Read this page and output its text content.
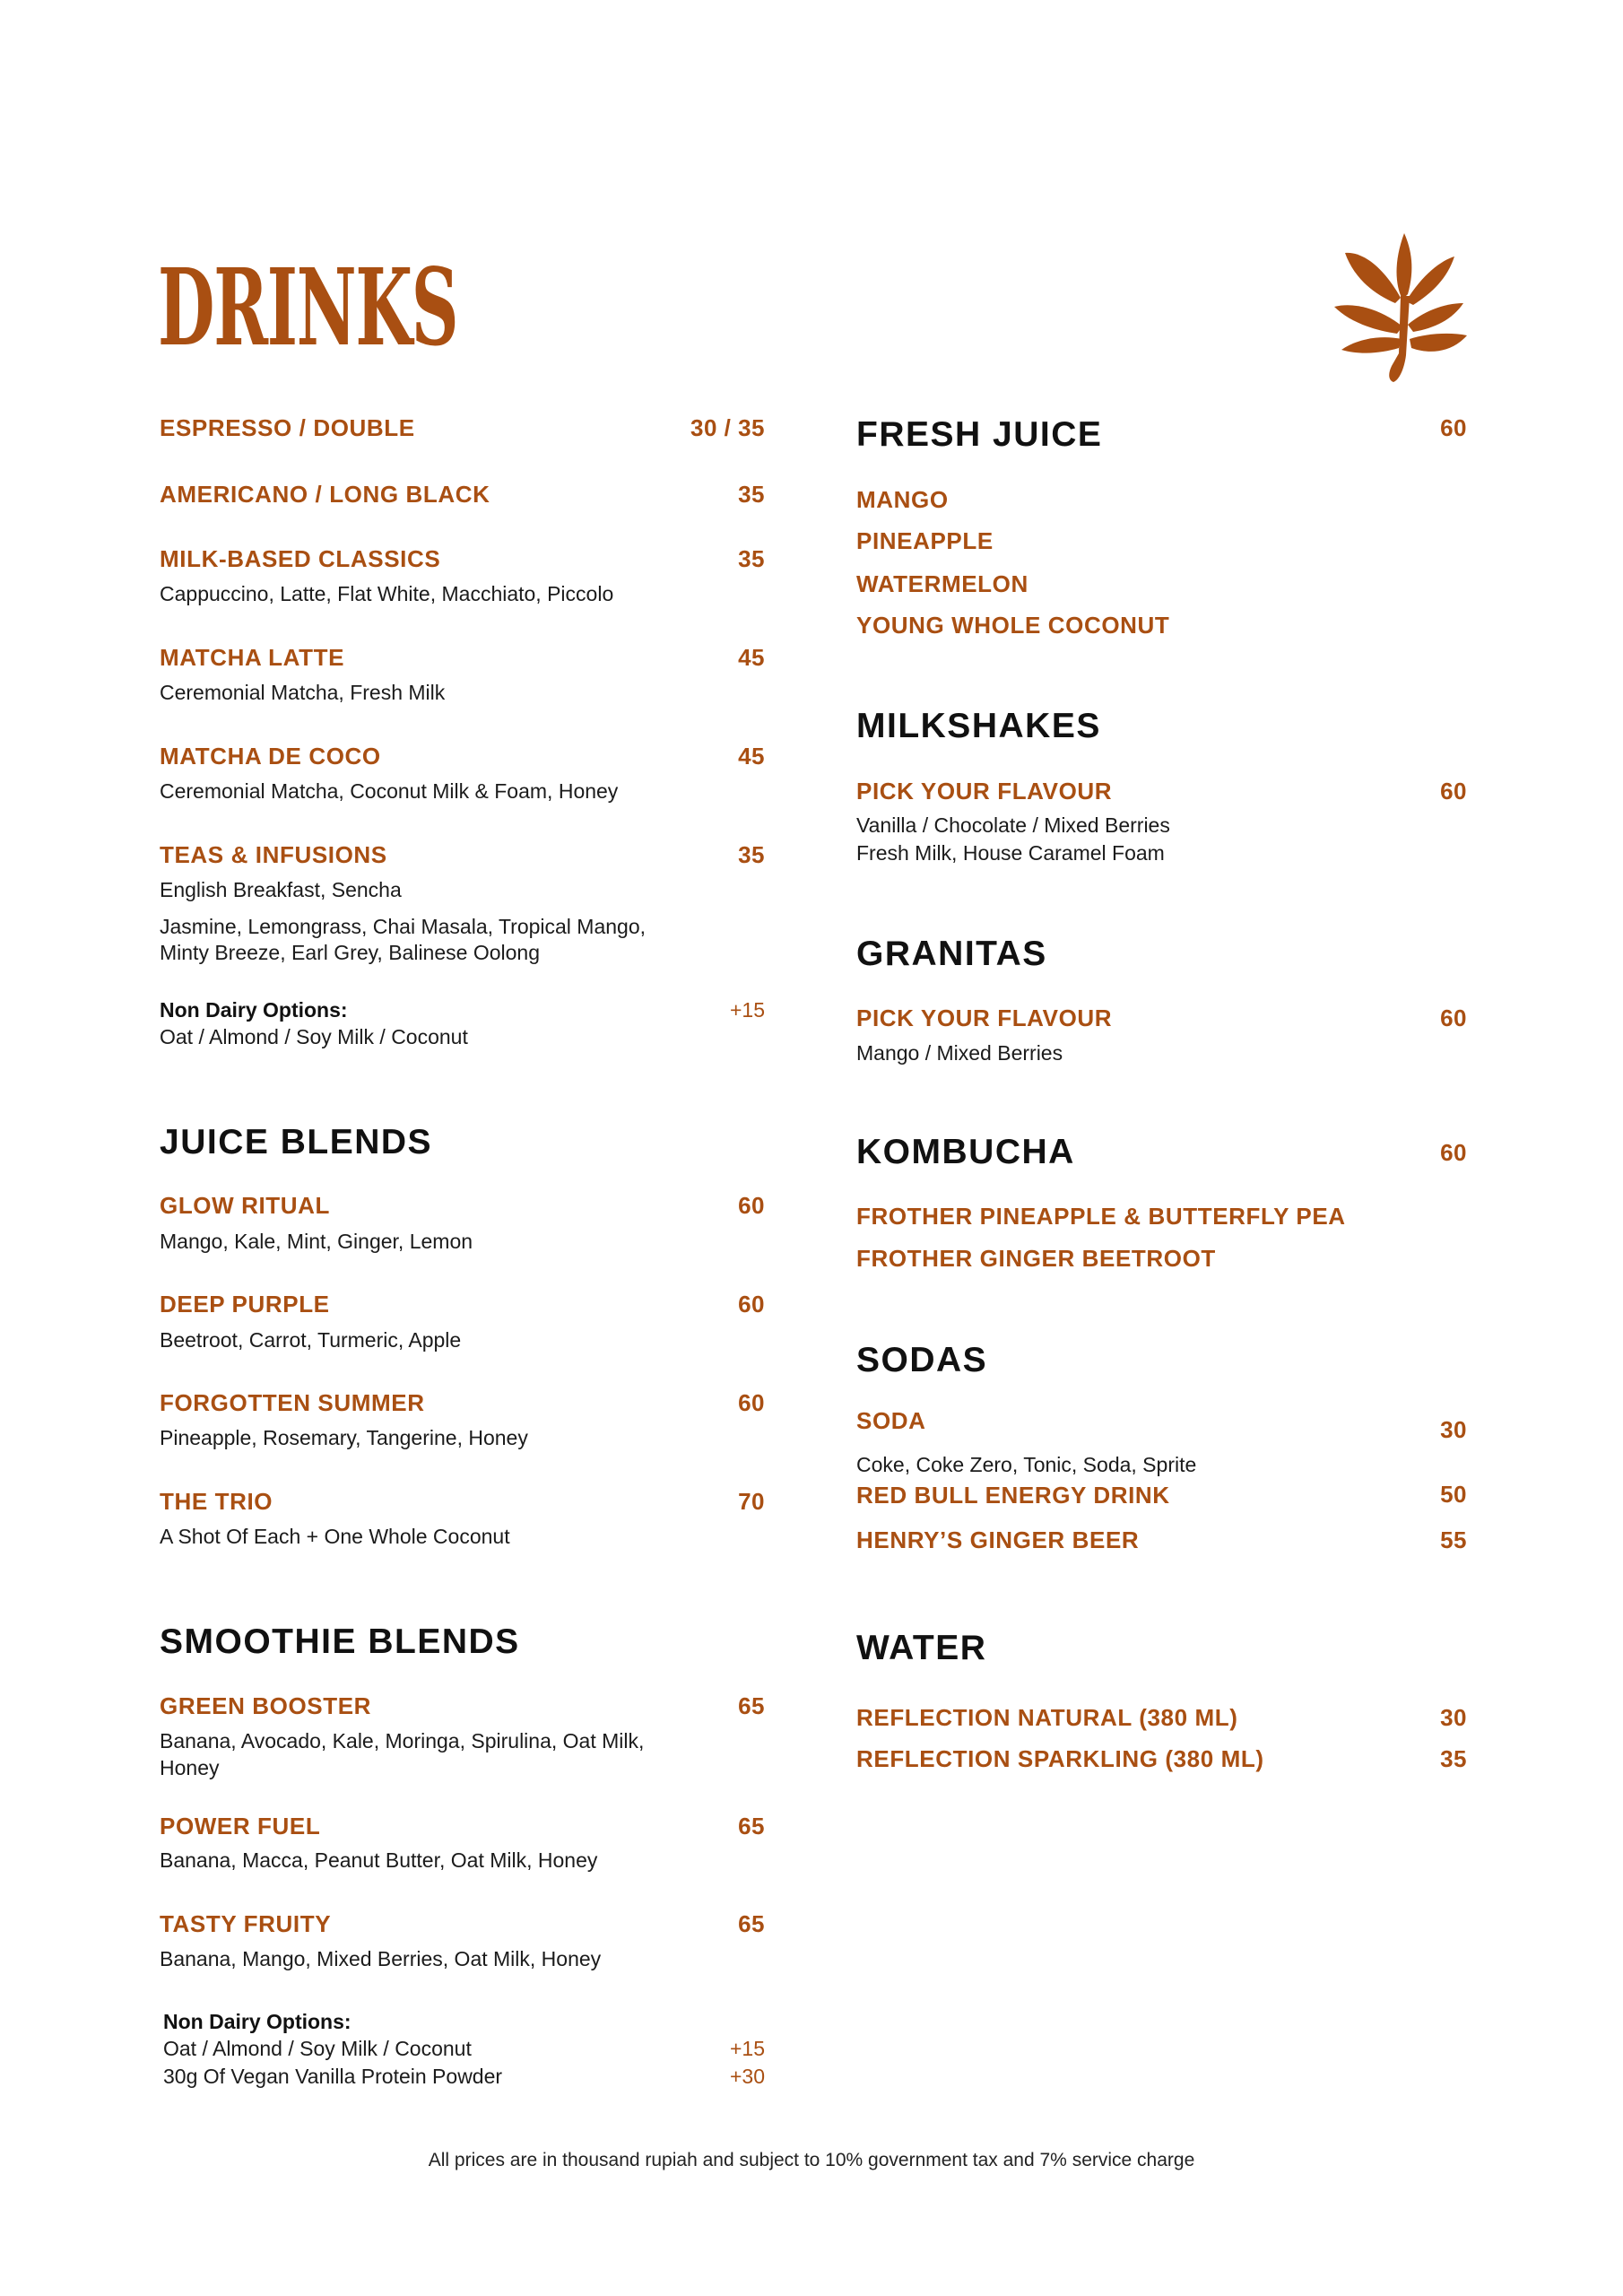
DRINKS
ESPRESSO / DOUBLE	30 / 35
AMERICANO / LONG BLACK	35
MILK-BASED CLASSICS	35
Cappuccino, Latte, Flat White, Macchiato, Piccolo
MATCHA LATTE	45
Ceremonial Matcha, Fresh Milk
MATCHA DE COCO	45
Ceremonial Matcha, Coconut Milk & Foam, Honey
TEAS & INFUSIONS	35
English Breakfast, Sencha
Jasmine, Lemongrass, Chai Masala, Tropical Mango,
Minty Breeze, Earl Grey, Balinese Oolong
Non Dairy Options:	+15
Oat / Almond / Soy Milk / Coconut
JUICE BLENDS
GLOW RITUAL	60
Mango, Kale, Mint, Ginger, Lemon
DEEP PURPLE	60
Beetroot, Carrot, Turmeric, Apple
FORGOTTEN SUMMER	60
Pineapple, Rosemary, Tangerine, Honey
THE TRIO	70
A Shot Of Each + One Whole Coconut
SMOOTHIE BLENDS
GREEN BOOSTER	65
Banana, Avocado, Kale, Moringa, Spirulina, Oat Milk,
Honey
POWER FUEL	65
Banana, Macca, Peanut Butter, Oat Milk, Honey
TASTY FRUITY	65
Banana, Mango, Mixed Berries, Oat Milk, Honey
Non Dairy Options:
Oat / Almond / Soy Milk / Coconut	+15
30g Of Vegan Vanilla Protein Powder	+30
FRESH JUICE	60
MANGO
PINEAPPLE
WATERMELON
YOUNG WHOLE COCONUT
MILKSHAKES
PICK YOUR FLAVOUR	60
Vanilla / Chocolate / Mixed Berries
Fresh Milk, House Caramel Foam
GRANITAS
PICK YOUR FLAVOUR	60
Mango / Mixed Berries
KOMBUCHA	60
FROTHER PINEAPPLE & BUTTERFLY PEA
FROTHER GINGER BEETROOT
SODAS
SODA	30
Coke, Coke Zero, Tonic, Soda, Sprite
RED BULL ENERGY DRINK	50
HENRY’S GINGER BEER	55
WATER
REFLECTION NATURAL (380 ML)	30
REFLECTION SPARKLING (380 ML)	35
All prices are in thousand rupiah and subject to 10% government tax and 7% service charge
